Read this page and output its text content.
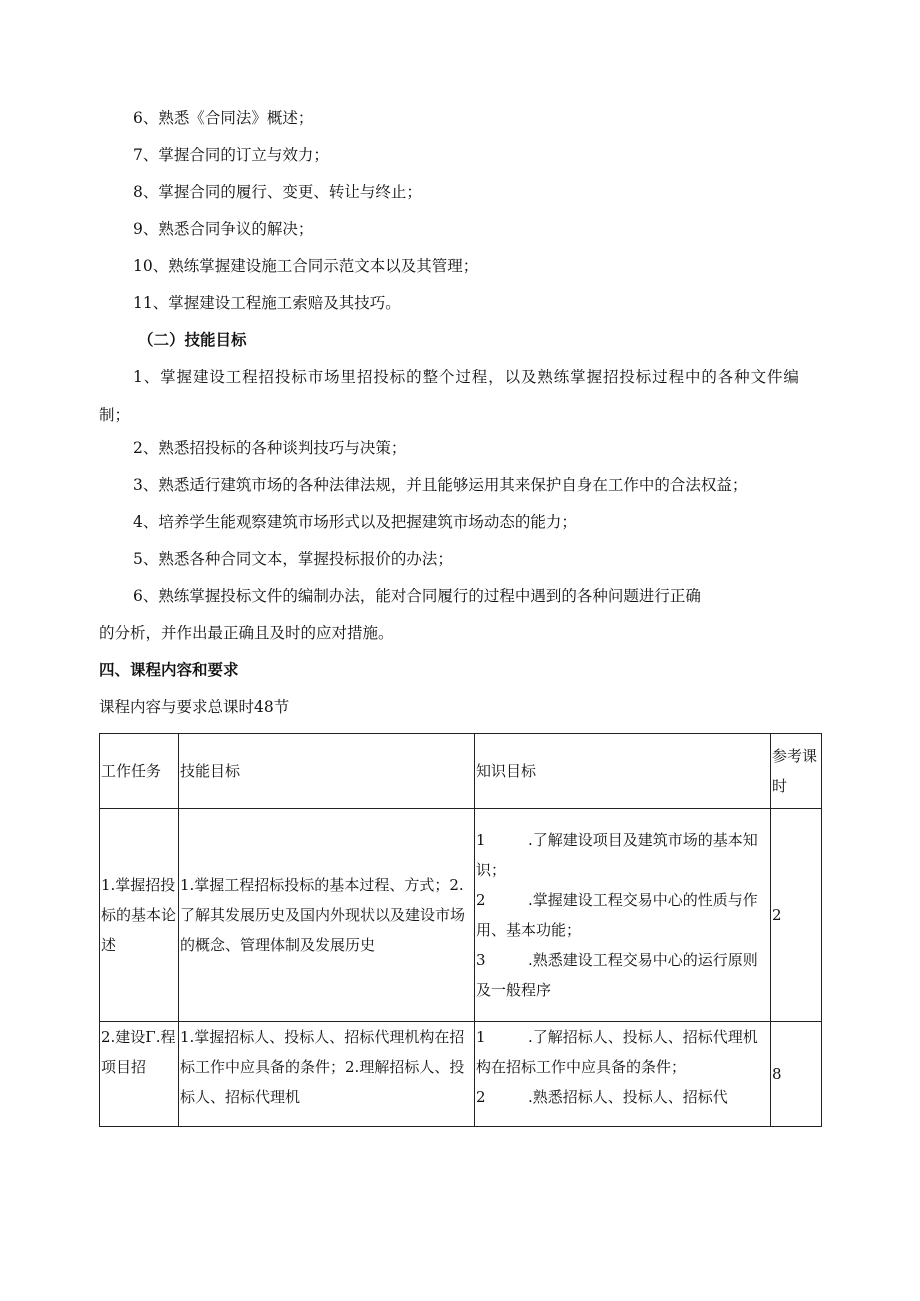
6、熟悉《合同法》概述；
7、掌握合同的订立与效力；
8、掌握合同的履行、变更、转让与终止；
9、熟悉合同争议的解决；
10、熟练掌握建设施工合同示范文本以及其管理；
11、掌握建设工程施工索赔及其技巧。
（二）技能目标
1、掌握建设工程招投标市场里招投标的整个过程，以及熟练掌握招投标过程中的各种文件编
制；
2、熟悉招投标的各种谈判技巧与决策；
3、熟悉适行建筑市场的各种法律法规，并且能够运用其来保护自身在工作中的合法权益；
4、培养学生能观察建筑市场形式以及把握建筑市场动态的能力；
5、熟悉各种合同文本，掌握投标报价的办法；
6、熟练掌握投标文件的编制办法，能对合同履行的过程中遇到的各种问题进行正确
的分析，并作出最正确且及时的应对措施。
四、课程内容和要求
课程内容与要求总课时48节
工作任务	技能目标	知识目标	参考课时
1.掌握招投标的基本论述	1.掌握工程招标投标的基本过程、方式；2.了解其发展历史及国内外现状以及建设市场的概念、管理体制及发展历史	1 .了解建设项目及建筑市场的基本知识；
2 .掌握建设工程交易中心的性质与作用、基本功能；
3 .熟悉建设工程交易中心的运行原则及一般程序	2
2.建设Γ.程项目招	1.掌握招标人、投标人、招标代理机构在招标工作中应具备的条件；2.理解招标人、投标人、招标代理机	1 .了解招标人、投标人、招标代理机构在招标工作中应具备的条件；
2 .熟悉招标人、投标人、招标代	8
